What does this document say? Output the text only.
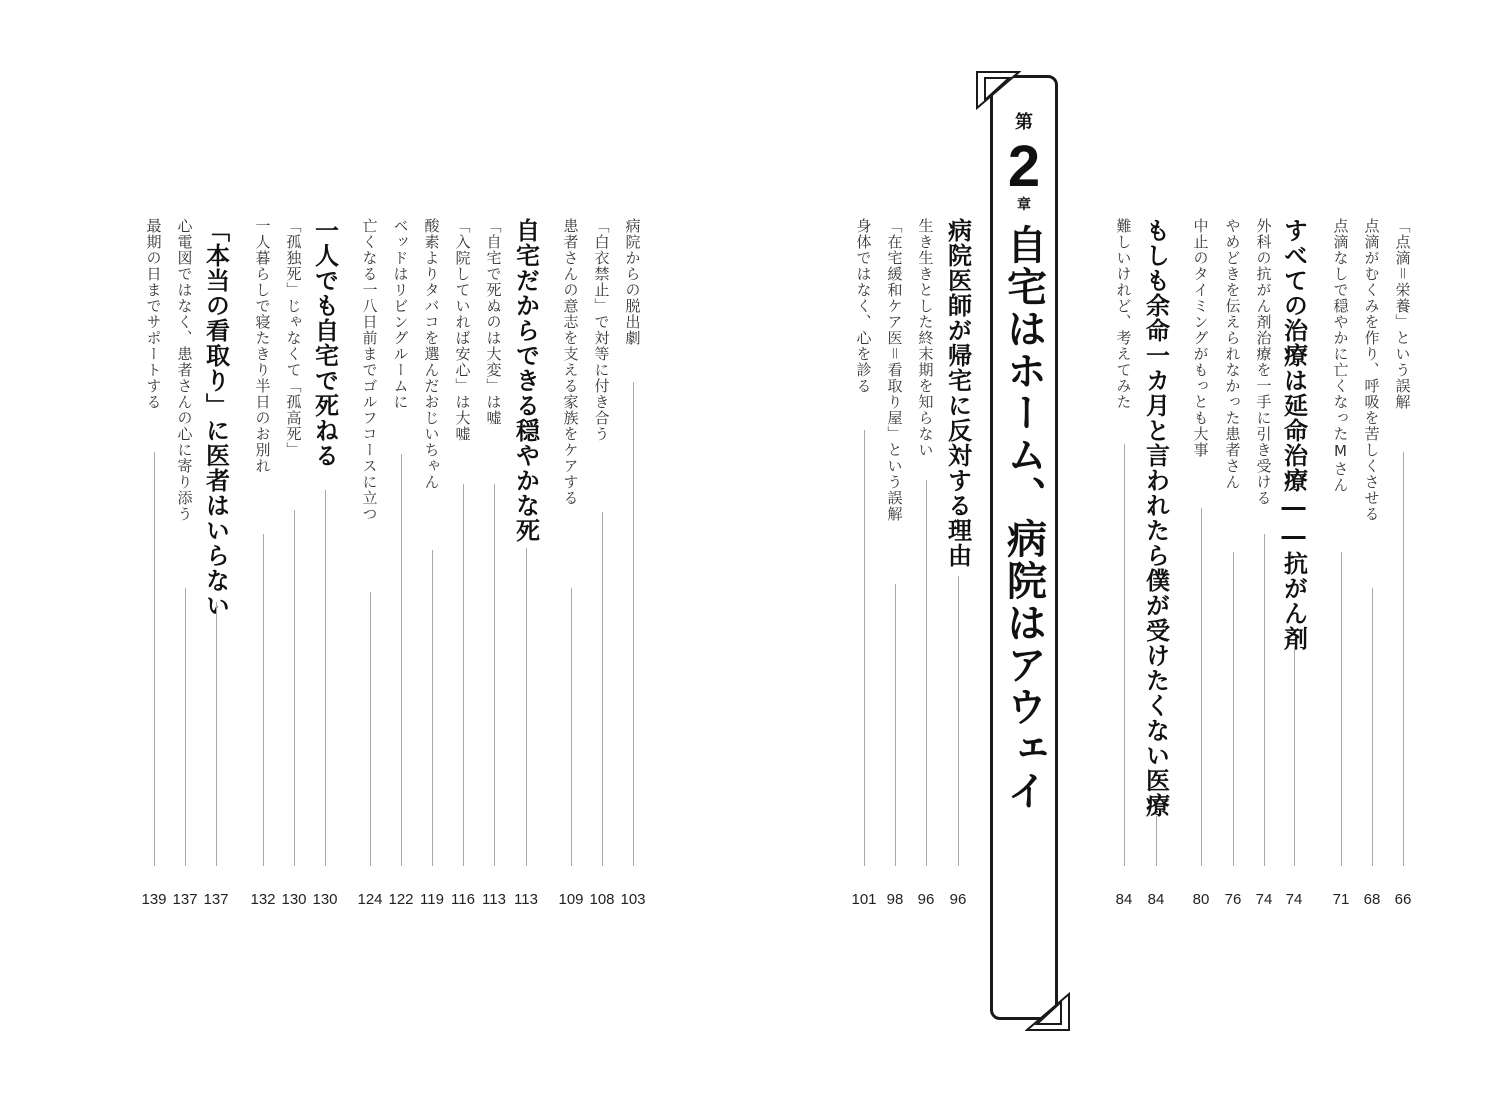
「点滴＝栄養」という誤解
66
点滴がむくみを作り、呼吸を苦しくさせる
68
点滴なしで穏やかに亡くなったMさん
71
すべての治療は延命治療――抗がん剤
74
外科の抗がん剤治療を一手に引き受ける
74
やめどきを伝えられなかった患者さん
76
中止のタイミングがもっとも大事
80
もしも余命一カ月と言われたら僕が受けたくない医療
84
難しいけれど、考えてみた
84
第
2
章
自宅はホーム、病院はアウェイ
病院医師が帰宅に反対する理由
96
生き生きとした終末期を知らない
96
「在宅緩和ケア医＝看取り屋」という誤解
98
身体ではなく、心を診る
101
病院からの脱出劇
103
「白衣禁止」で対等に付き合う
108
患者さんの意志を支える家族をケアする
109
自宅だからできる穏やかな死
113
「自宅で死ぬのは大変」は嘘
113
「入院していれば安心」は大嘘
116
酸素よりタバコを選んだおじいちゃん
119
ベッドはリビングルームに
122
亡くなる一八日前までゴルフコースに立つ
124
一人でも自宅で死ねる
130
「孤独死」じゃなくて「孤高死」
130
一人暮らしで寝たきり半日のお別れ
132
「本当の看取り」に医者はいらない
137
心電図ではなく、患者さんの心に寄り添う
137
最期の日までサポートする
139
